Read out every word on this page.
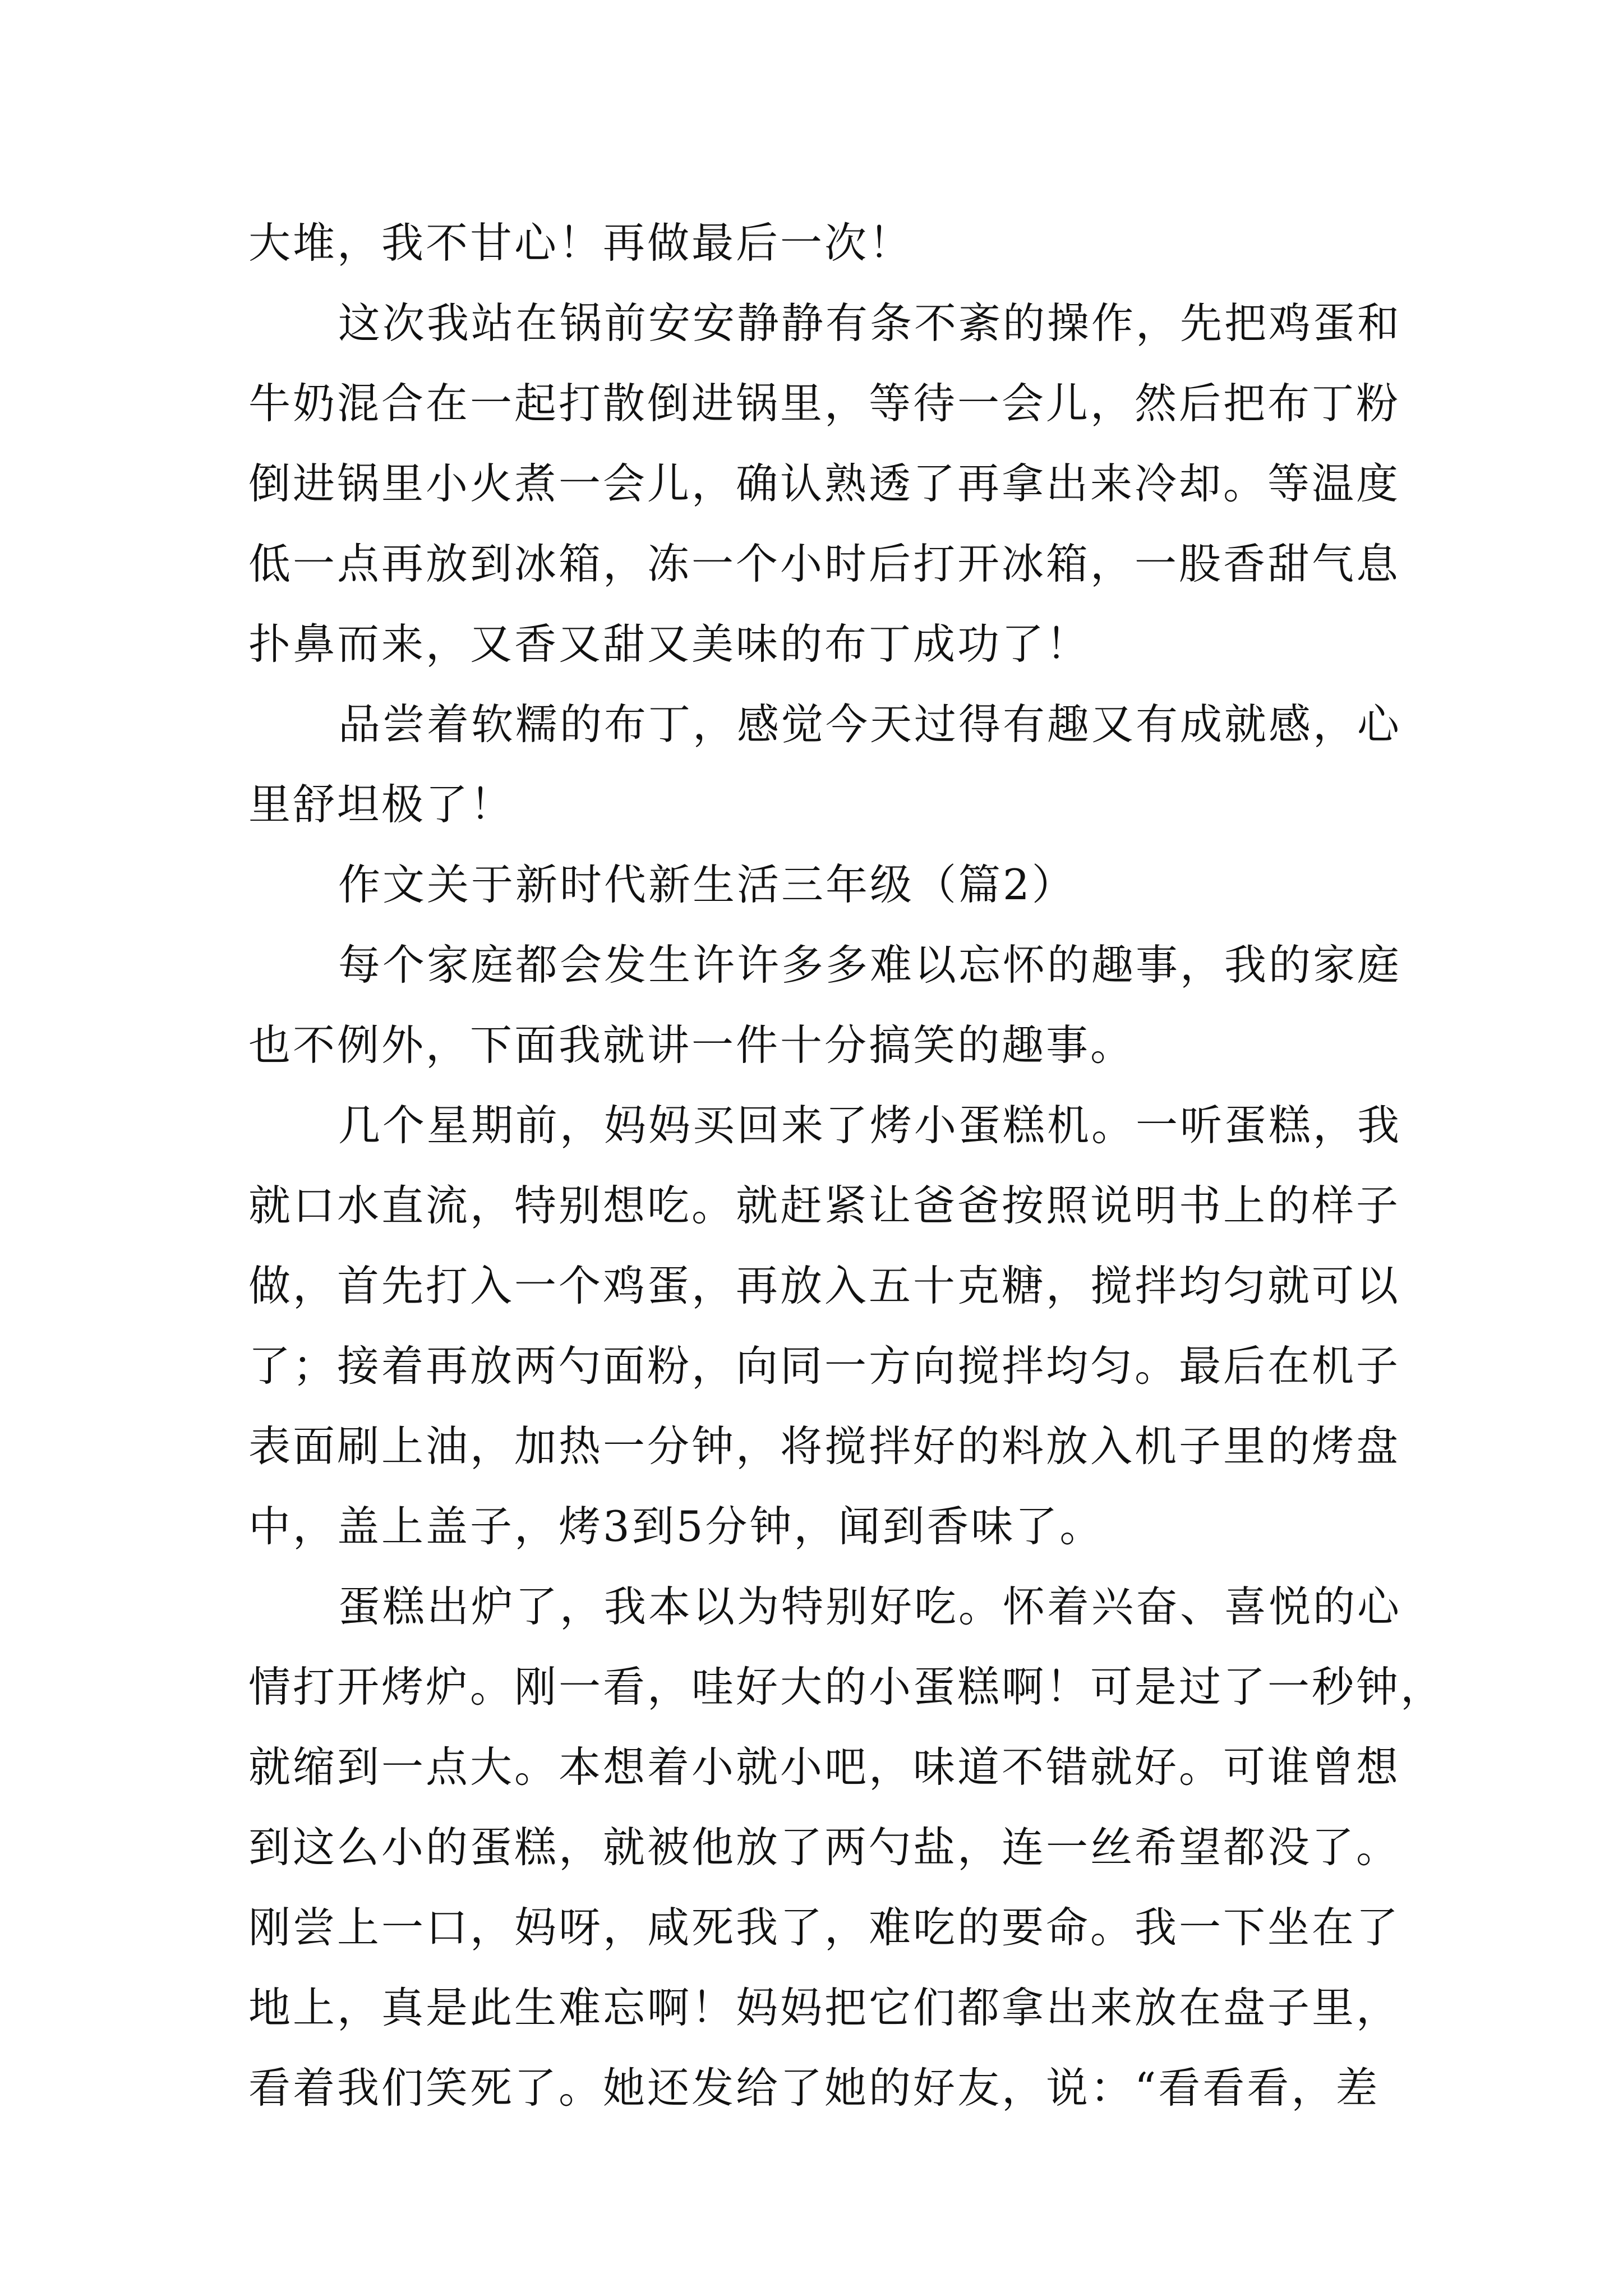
大堆，我不甘心！再做最后一次！
这次我站在锅前安安静静有条不紊的操作，先把鸡蛋和
牛奶混合在一起打散倒进锅里，等待一会儿，然后把布丁粉
倒进锅里小火煮一会儿，确认熟透了再拿出来冷却。等温度
低一点再放到冰箱，冻一个小时后打开冰箱，一股香甜气息
扑鼻而来，又香又甜又美味的布丁成功了！
品尝着软糯的布丁，感觉今天过得有趣又有成就感，心
里舒坦极了！
作文关于新时代新生活三年级（篇2）
每个家庭都会发生许许多多难以忘怀的趣事，我的家庭
也不例外，下面我就讲一件十分搞笑的趣事。
几个星期前，妈妈买回来了烤小蛋糕机。一听蛋糕，我
就口水直流，特别想吃。就赶紧让爸爸按照说明书上的样子
做，首先打入一个鸡蛋，再放入五十克糖，搅拌均匀就可以
了；接着再放两勺面粉，向同一方向搅拌均匀。最后在机子
表面刷上油，加热一分钟，将搅拌好的料放入机子里的烤盘
中，盖上盖子，烤3到5分钟，闻到香味了。
蛋糕出炉了，我本以为特别好吃。怀着兴奋、喜悦的心
情打开烤炉。刚一看，哇好大的小蛋糕啊！可是过了一秒钟，
就缩到一点大。本想着小就小吧，味道不错就好。可谁曾想
到这么小的蛋糕，就被他放了两勺盐，连一丝希望都没了。
刚尝上一口，妈呀，咸死我了，难吃的要命。我一下坐在了
地上，真是此生难忘啊！妈妈把它们都拿出来放在盘子里，
看着我们笑死了。她还发给了她的好友，说：“看看看，差
